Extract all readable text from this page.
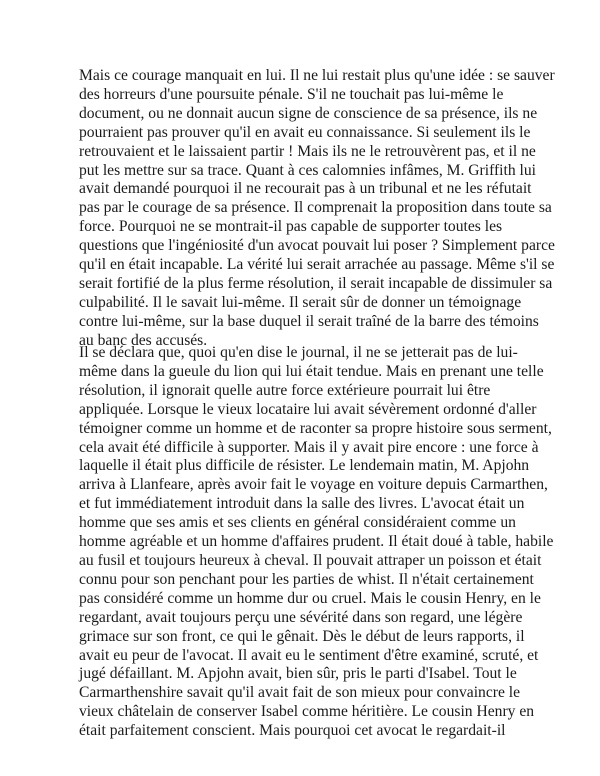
Mais ce courage manquait en lui. Il ne lui restait plus qu'une idée : se sauver
des horreurs d'une poursuite pénale. S'il ne touchait pas lui-même le
document, ou ne donnait aucun signe de conscience de sa présence, ils ne
pourraient pas prouver qu'il en avait eu connaissance. Si seulement ils le
retrouvaient et le laissaient partir ! Mais ils ne le retrouvèrent pas, et il ne
put les mettre sur sa trace. Quant à ces calomnies infâmes, M. Griffith lui
avait demandé pourquoi il ne recourait pas à un tribunal et ne les réfutait
pas par le courage de sa présence. Il comprenait la proposition dans toute sa
force. Pourquoi ne se montrait-il pas capable de supporter toutes les
questions que l'ingéniosité d'un avocat pouvait lui poser ? Simplement parce
qu'il en était incapable. La vérité lui serait arrachée au passage. Même s'il se
serait fortifié de la plus ferme résolution, il serait incapable de dissimuler sa
culpabilité. Il le savait lui-même. Il serait sûr de donner un témoignage
contre lui-même, sur la base duquel il serait traîné de la barre des témoins
au banc des accusés.
Il se déclara que, quoi qu'en dise le journal, il ne se jetterait pas de lui-
même dans la gueule du lion qui lui était tendue. Mais en prenant une telle
résolution, il ignorait quelle autre force extérieure pourrait lui être
appliquée. Lorsque le vieux locataire lui avait sévèrement ordonné d'aller
témoigner comme un homme et de raconter sa propre histoire sous serment,
cela avait été difficile à supporter. Mais il y avait pire encore : une force à
laquelle il était plus difficile de résister. Le lendemain matin, M. Apjohn
arriva à Llanfeare, après avoir fait le voyage en voiture depuis Carmarthen,
et fut immédiatement introduit dans la salle des livres. L'avocat était un
homme que ses amis et ses clients en général considéraient comme un
homme agréable et un homme d'affaires prudent. Il était doué à table, habile
au fusil et toujours heureux à cheval. Il pouvait attraper un poisson et était
connu pour son penchant pour les parties de whist. Il n'était certainement
pas considéré comme un homme dur ou cruel. Mais le cousin Henry, en le
regardant, avait toujours perçu une sévérité dans son regard, une légère
grimace sur son front, ce qui le gênait. Dès le début de leurs rapports, il
avait eu peur de l'avocat. Il avait eu le sentiment d'être examiné, scruté, et
jugé défaillant. M. Apjohn avait, bien sûr, pris le parti d'Isabel. Tout le
Carmarthenshire savait qu'il avait fait de son mieux pour convaincre le
vieux châtelain de conserver Isabel comme héritière. Le cousin Henry en
était parfaitement conscient. Mais pourquoi cet avocat le regardait-il
